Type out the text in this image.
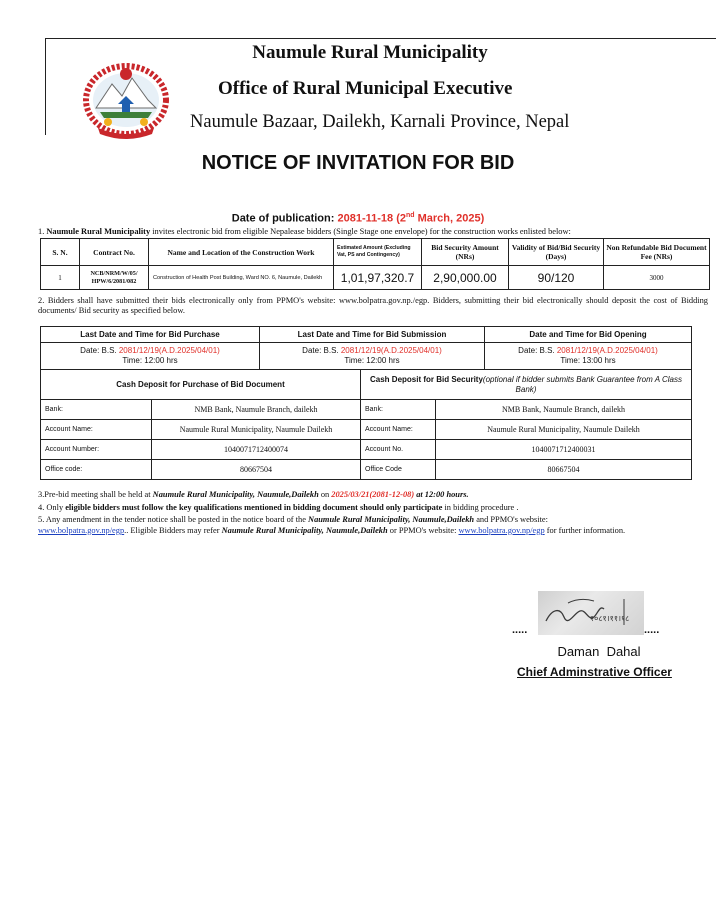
Naumule Rural Municipality
Office of Rural Municipal Executive
Naumule Bazaar, Dailekh, Karnali Province, Nepal
NOTICE OF INVITATION FOR BID
Date of publication: 2081-11-18 (2nd March, 2025)
1. Naumule Rural Municipality invites electronic bid from eligible Nepalease bidders (Single Stage one envelope) for the construction works enlisted below:
S. N.	Contract No.	Name and Location of the Construction Work	Estimated Amount (Excluding Vat, PS and Contingency)	Bid Security Amount (NRs)	Validity of Bid/Bid Security (Days)	Non Refundable Bid Document Fee (NRs)
1	NCB/NRM/W/05/ HPW/6/2081/082	Construction of Health Post Building, Ward NO. 6, Naumule, Dailekh	1,01,97,320.7	2,90,000.00	90/120	3000
2. Bidders shall have submitted their bids electronically only from PPMO's website: www.bolpatra.gov.np./egp. Bidders, submitting their bid electronically should deposit the cost of Bidding documents/ Bid security as specified below.
Last Date and Time for Bid Purchase	Last Date and Time for Bid Submission	Date and Time for Bid Opening
Date: B.S. 2081/12/19(A.D.2025/04/01)
Time: 12:00 hrs	Date: B.S. 2081/12/19(A.D.2025/04/01)
Time: 12:00 hrs	Date: B.S. 2081/12/19(A.D.2025/04/01)
Time: 13:00 hrs
Cash Deposit for Purchase of Bid Document		Cash Deposit for Bid Security(optional if bidder submits Bank Guarantee from A Class Bank)	
Bank:	NMB Bank, Naumule Branch, dailekh	Bank:	NMB Bank, Naumule Branch, dailekh
Account Name:	Naumule Rural Municipality, Naumule Dailekh	Account Name:	Naumule Rural Municipality, Naumule Dailekh
Account Number:	1040071712400074	Account No.	1040071712400031
Office code:	80667504	Office Code	80667504
3.Pre-bid meeting shall be held at Naumule Rural Municipality, Naumule,Dailekh on 2025/03/21(2081-12-08) at 12:00 hours.
4. Only eligible bidders must follow the key qualifications mentioned in bidding document should only participate in bidding procedure .
5. Any amendment in the tender notice shall be posted in the notice board of the Naumule Rural Municipality, Naumule,Dailekh and PPMO's website:
www.bolpatra.gov.np/egp.. Eligible Bidders may refer Naumule Rural Municipality, Naumule,Dailekh or PPMO's website: www.bolpatra.gov.np/egp for further information.
२०८१।११।१८
.....	.....
Daman  Dahal
Chief Adminstrative Officer
